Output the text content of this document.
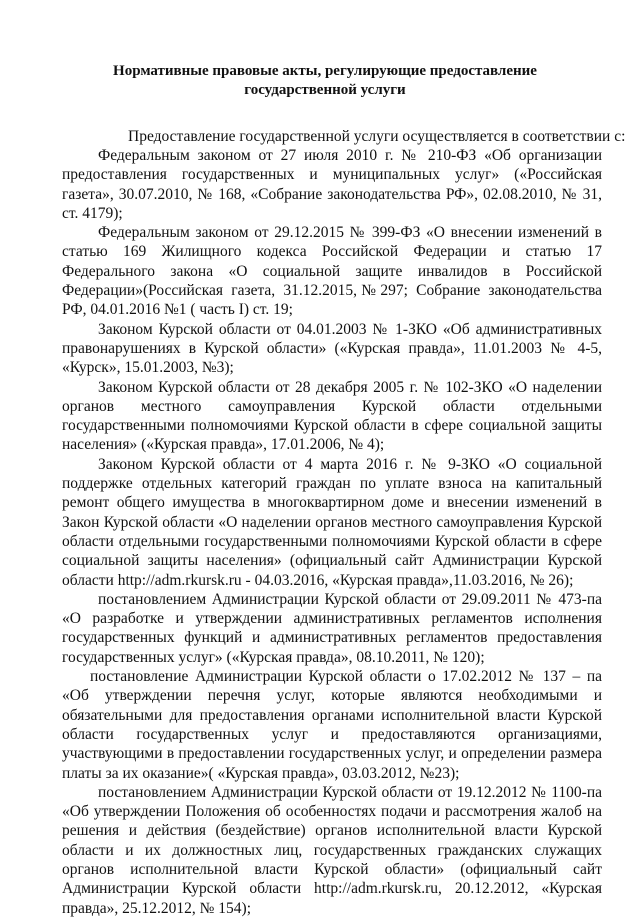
Нормативные правовые акты, регулирующие предоставление государственной услуги
Предоставление государственной услуги осуществляется в соответствии с:

Федеральным законом от 27 июля 2010 г. № 210-ФЗ «Об организации предоставления государственных и муниципальных услуг» («Российская газета», 30.07.2010, № 168, «Собрание законодательства РФ», 02.08.2010, № 31, ст. 4179);

Федеральным законом от 29.12.2015 № 399-ФЗ «О внесении изменений в статью 169 Жилищного кодекса Российской Федерации и статью 17 Федерального закона «О социальной защите инвалидов в Российской Федерации»(Российская газета, 31.12.2015,№297; Собрание законодательства РФ, 04.01.2016 №1 ( часть I) ст. 19;

Законом Курской области от 04.01.2003 № 1-ЗКО «Об административных правонарушениях в Курской области» («Курская правда», 11.01.2003 № 4-5, «Курск», 15.01.2003, №3);

Законом Курской области от 28 декабря 2005 г. № 102-ЗКО «О наделении органов местного самоуправления Курской области отдельными государственными полномочиями Курской области в сфере социальной защиты населения» («Курская правда», 17.01.2006, № 4);

Законом Курской области от 4 марта 2016 г. № 9-ЗКО «О социальной поддержке отдельных категорий граждан по уплате взноса на капитальный ремонт общего имущества в многоквартирном доме и внесении изменений в Закон Курской области «О наделении органов местного самоуправления Курской области отдельными государственными полномочиями Курской области в сфере социальной защиты населения» (официальный сайт Администрации Курской области http://adm.rkursk.ru - 04.03.2016, «Курская правда»,11.03.2016, № 26);

постановлением Администрации Курской области от 29.09.2011 № 473-па «О разработке и утверждении административных регламентов исполнения государственных функций и административных регламентов предоставления государственных услуг» («Курская правда», 08.10.2011, № 120);

постановление Администрации Курской области о 17.02.2012 № 137 – па «Об утверждении перечня услуг, которые являются необходимыми и обязательными для предоставления органами исполнительной власти Курской области государственных услуг и предоставляются организациями, участвующими в предоставлении государственных услуг, и определении размера платы за их оказание»( «Курская правда», 03.03.2012, №23);

постановлением Администрации Курской области от 19.12.2012 № 1100-па «Об утверждении Положения об особенностях подачи и рассмотрения жалоб на решения и действия (бездействие) органов исполнительной власти Курской области и их должностных лиц, государственных гражданских служащих органов исполнительной власти Курской области» (официальный сайт Администрации Курской области http://adm.rkursk.ru, 20.12.2012, «Курская правда», 25.12.2012, № 154);
